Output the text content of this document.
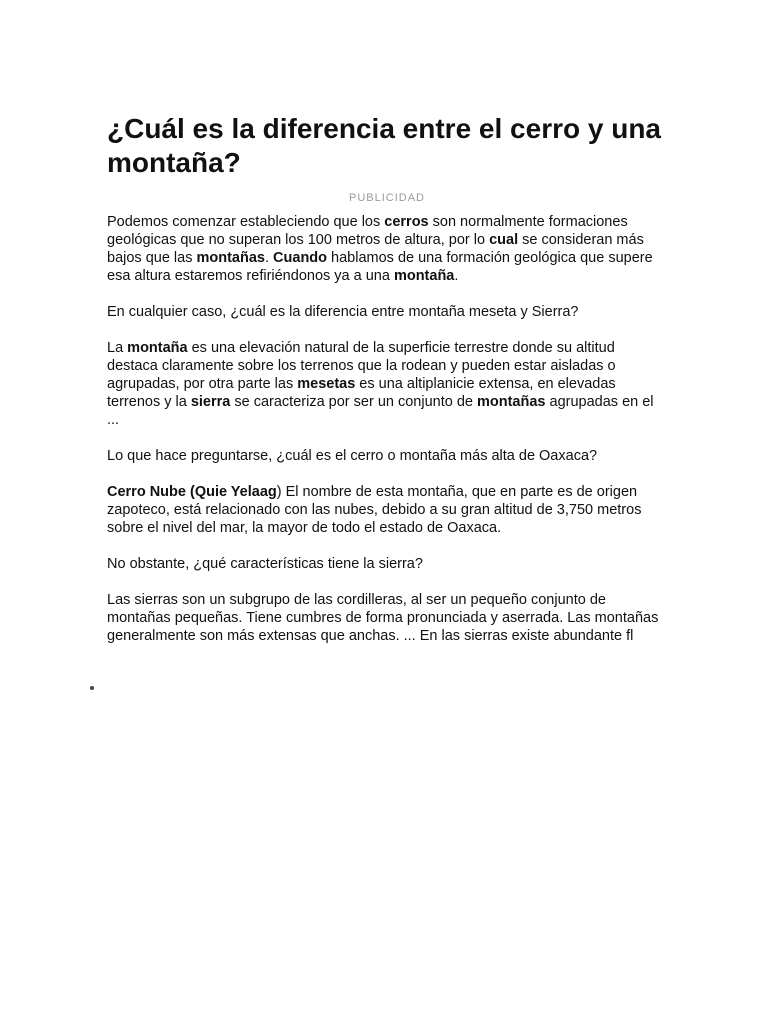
¿Cuál es la diferencia entre el cerro y una montaña?
PUBLICIDAD

Podemos comenzar estableciendo que los cerros son normalmente formaciones geológicas que no superan los 100 metros de altura, por lo cual se consideran más bajos que las montañas. Cuando hablamos de una formación geológica que supere esa altura estaremos refiriéndonos ya a una montaña.

En cualquier caso, ¿cuál es la diferencia entre montaña meseta y Sierra?

La montaña es una elevación natural de la superficie terrestre donde su altitud destaca claramente sobre los terrenos que la rodean y pueden estar aisladas o agrupadas, por otra parte las mesetas es una altiplanicie extensa, en elevadas terrenos y la sierra se caracteriza por ser un conjunto de montañas agrupadas en el ...

Lo que hace preguntarse, ¿cuál es el cerro o montaña más alta de Oaxaca?

Cerro Nube (Quie Yelaag) El nombre de esta montaña, que en parte es de origen zapoteco, está relacionado con las nubes, debido a su gran altitud de 3,750 metros sobre el nivel del mar, la mayor de todo el estado de Oaxaca.

No obstante, ¿qué características tiene la sierra?

Las sierras son un subgrupo de las cordilleras, al ser un pequeño conjunto de montañas pequeñas. Tiene cumbres de forma pronunciada y aserrada. Las montañas generalmente son más extensas que anchas. ... En las sierras existe abundante fl
